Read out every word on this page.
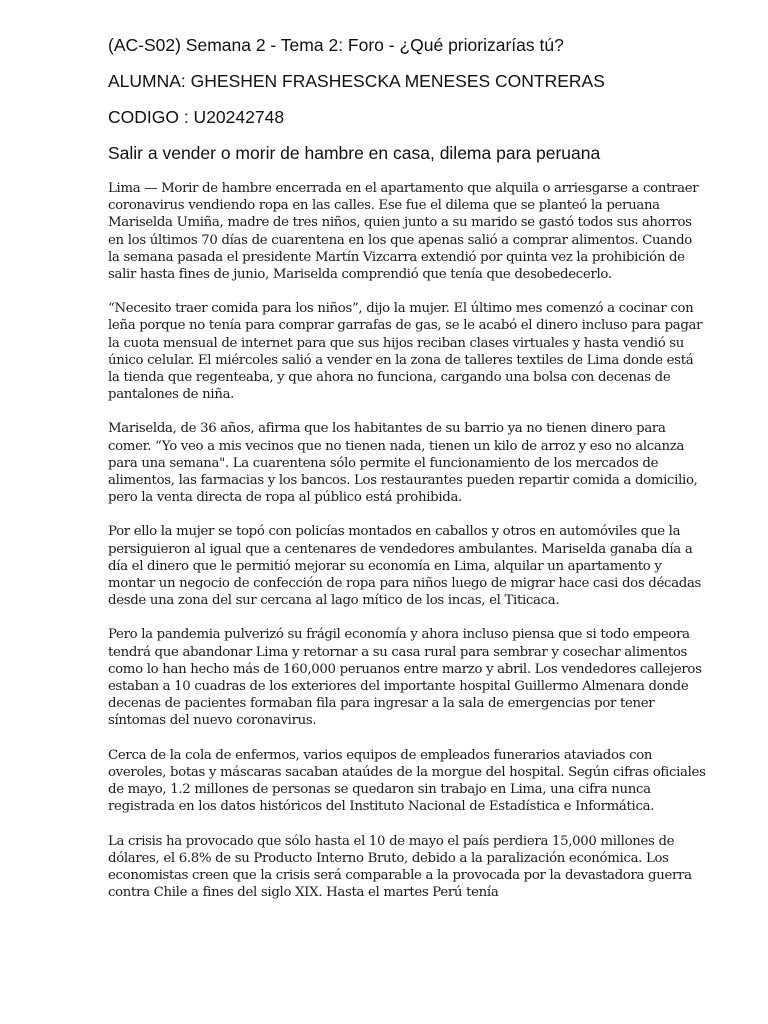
(AC-S02) Semana 2 - Tema 2: Foro - ¿Qué priorizarías tú?
ALUMNA: GHESHEN FRASHESCKA MENESES CONTRERAS
CODIGO : U20242748
Salir a vender o morir de hambre en casa, dilema para peruana

Lima — Morir de hambre encerrada en el apartamento que alquila o arriesgarse a contraer coronavirus vendiendo ropa en las calles. Ese fue el dilema que se planteó la peruana Mariselda Umiña, madre de tres niños, quien junto a su marido se gastó todos sus ahorros en los últimos 70 días de cuarentena en los que apenas salió a comprar alimentos. Cuando la semana pasada el presidente Martín Vizcarra extendió por quinta vez la prohibición de salir hasta fines de junio, Mariselda comprendió que tenía que desobedecerlo.

“Necesito traer comida para los niños”, dijo la mujer. El último mes comenzó a cocinar con leña porque no tenía para comprar garrafas de gas, se le acabó el dinero incluso para pagar la cuota mensual de internet para que sus hijos reciban clases virtuales y hasta vendió su único celular. El miércoles salió a vender en la zona de talleres textiles de Lima donde está la tienda que regenteaba, y que ahora no funciona, cargando una bolsa con decenas de pantalones de niña.

Mariselda, de 36 años, afirma que los habitantes de su barrio ya no tienen dinero para comer. “Yo veo a mis vecinos que no tienen nada, tienen un kilo de arroz y eso no alcanza para una semana". La cuarentena sólo permite el funcionamiento de los mercados de alimentos, las farmacias y los bancos. Los restaurantes pueden repartir comida a domicilio, pero la venta directa de ropa al público está prohibida.

Por ello la mujer se topó con policías montados en caballos y otros en automóviles que la persiguieron al igual que a centenares de vendedores ambulantes. Mariselda ganaba día a día el dinero que le permitió mejorar su economía en Lima, alquilar un apartamento y montar un negocio de confección de ropa para niños luego de migrar hace casi dos décadas desde una zona del sur cercana al lago mítico de los incas, el Titicaca.

Pero la pandemia pulverizó su frágil economía y ahora incluso piensa que si todo empeora tendrá que abandonar Lima y retornar a su casa rural para sembrar y cosechar alimentos como lo han hecho más de 160,000 peruanos entre marzo y abril. Los vendedores callejeros estaban a 10 cuadras de los exteriores del importante hospital Guillermo Almenara donde decenas de pacientes formaban fila para ingresar a la sala de emergencias por tener síntomas del nuevo coronavirus.

Cerca de la cola de enfermos, varios equipos de empleados funerarios ataviados con overoles, botas y máscaras sacaban ataúdes de la morgue del hospital. Según cifras oficiales de mayo, 1.2 millones de personas se quedaron sin trabajo en Lima, una cifra nunca registrada en los datos históricos del Instituto Nacional de Estadística e Informática.

La crisis ha provocado que sólo hasta el 10 de mayo el país perdiera 15,000 millones de dólares, el 6.8% de su Producto Interno Bruto, debido a la paralización económica. Los economistas creen que la crisis será comparable a la provocada por la devastadora guerra contra Chile a fines del siglo XIX. Hasta el martes Perú tenía
